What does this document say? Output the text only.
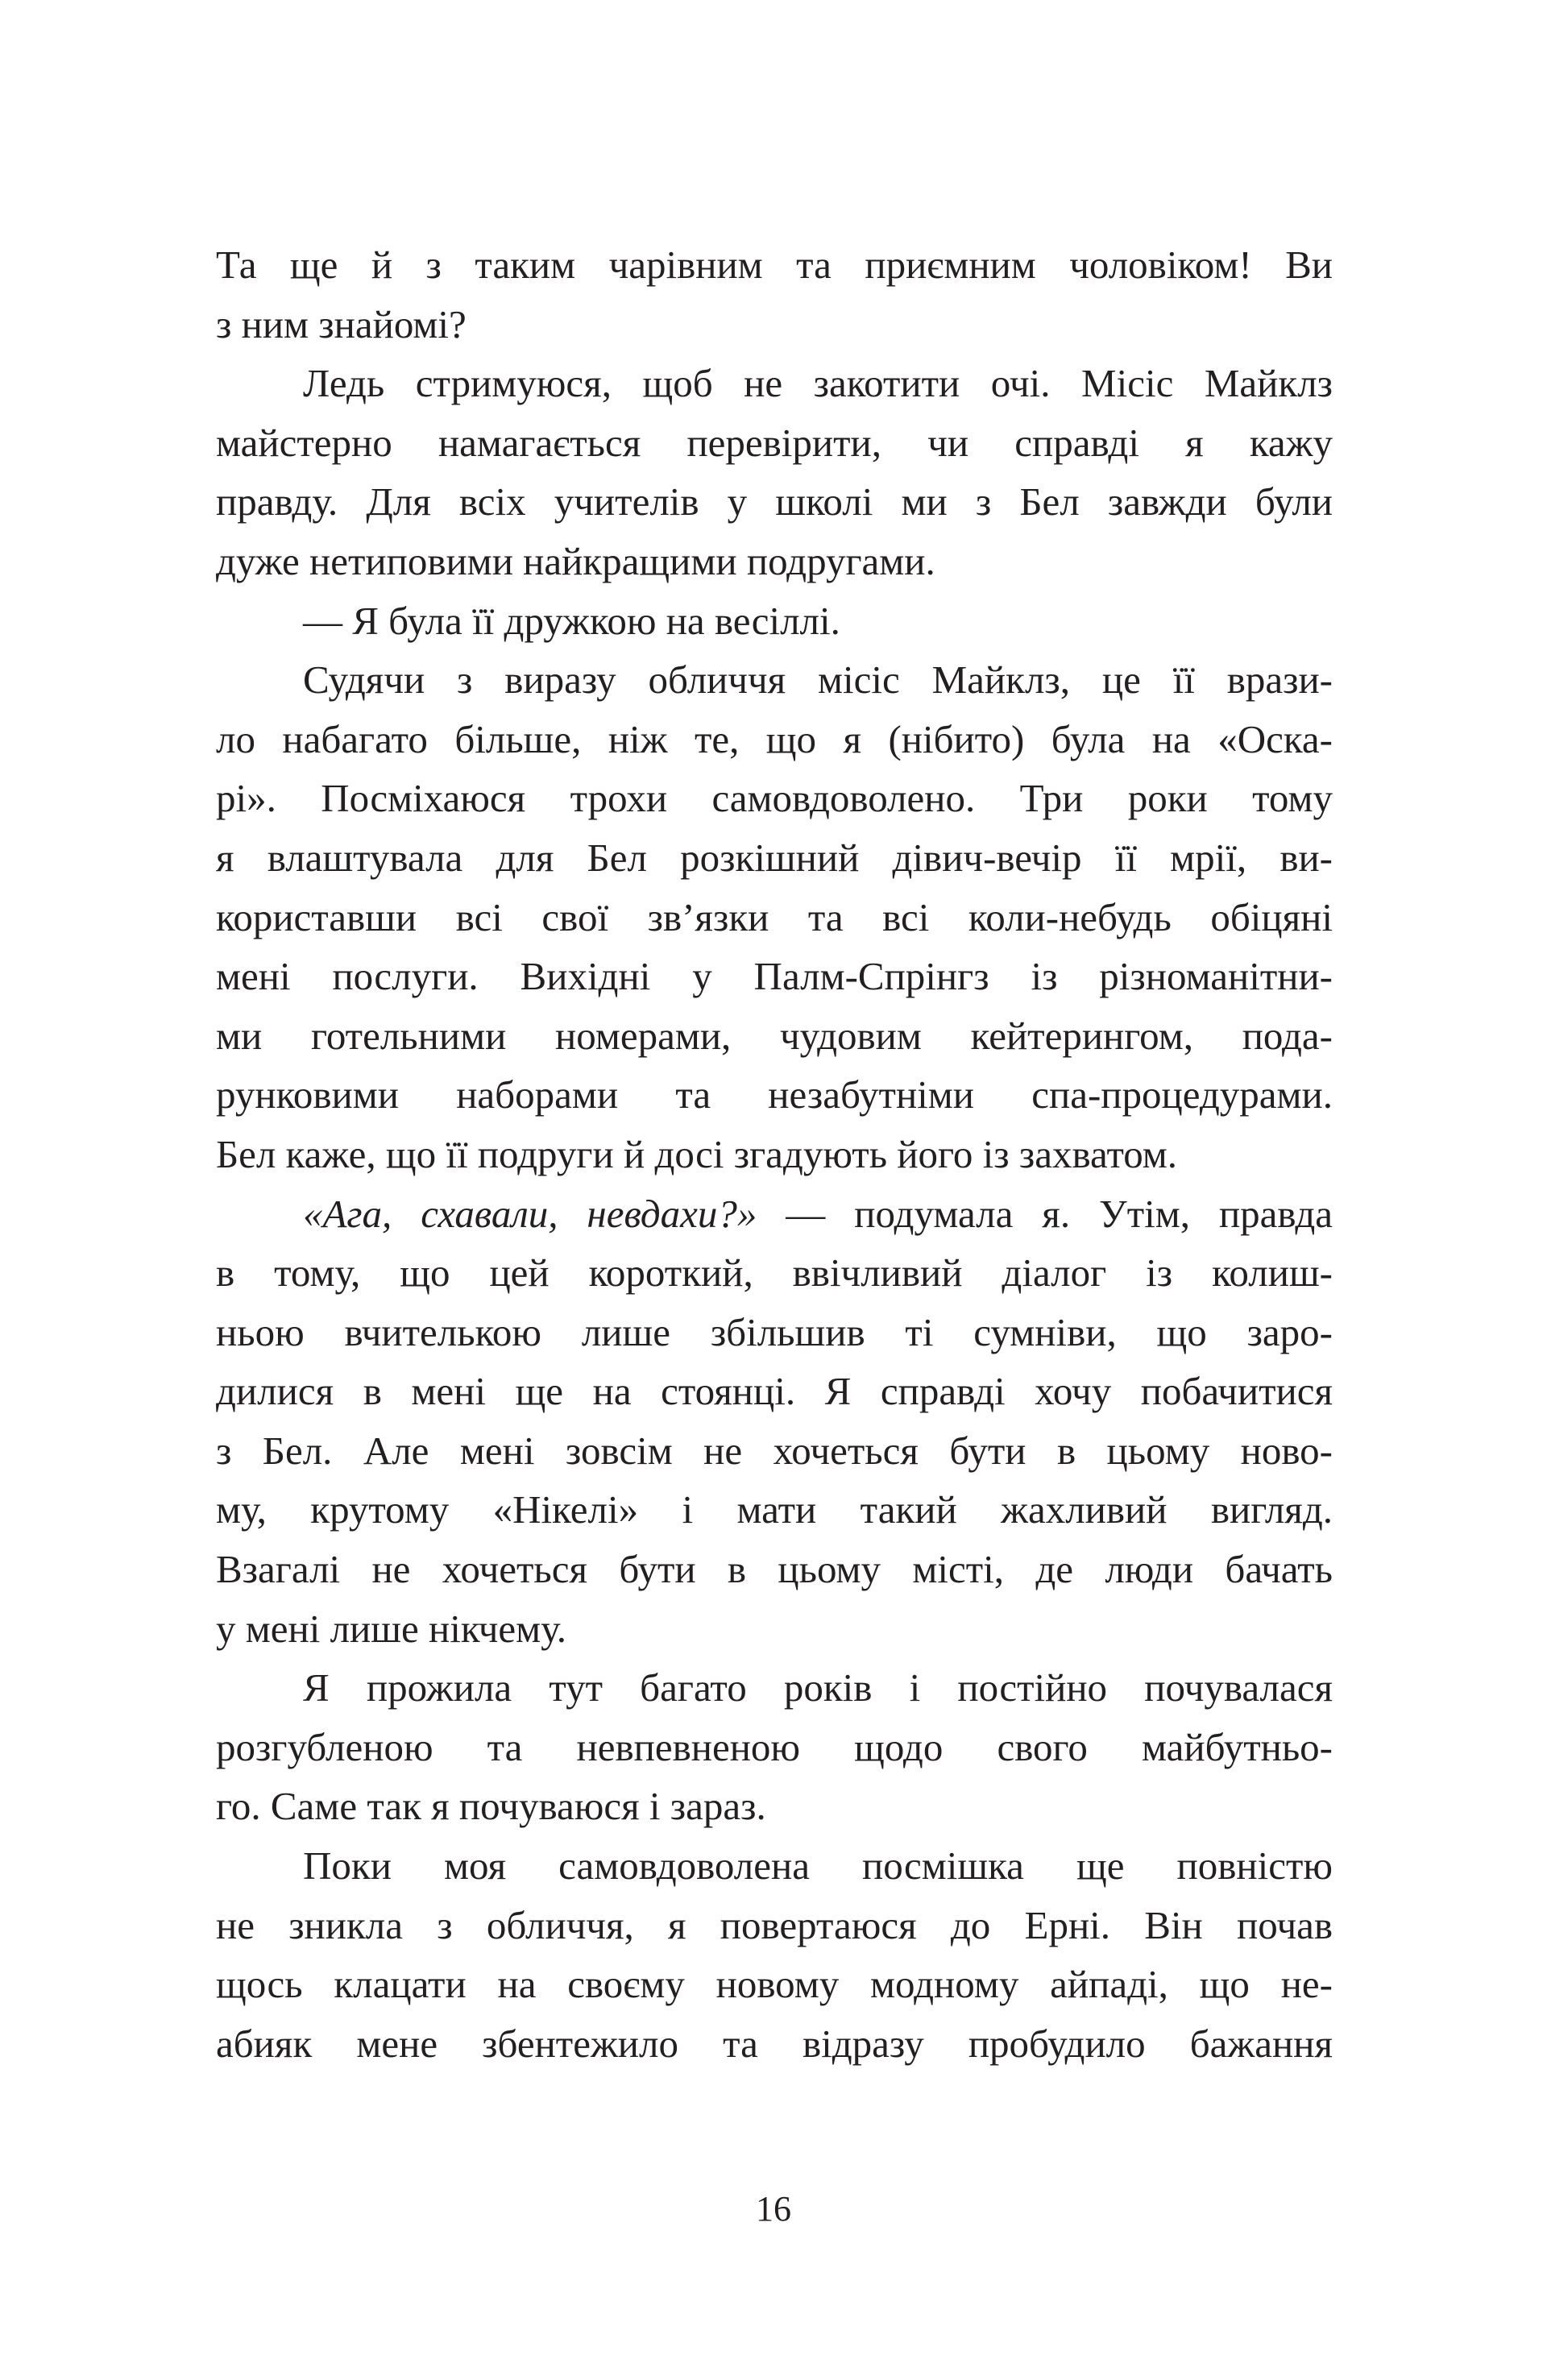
Та ще й з таким чарівним та приємним чоловіком! Ви
з ним знайомі?
Ледь стримуюся, щоб не закотити очі. Місіс Майклз
майстерно намагається перевірити, чи справді я кажу
правду. Для всіх учителів у школі ми з Бел завжди були
дуже нетиповими найкращими подругами.
— Я була її дружкою на весіллі.
Судячи з виразу обличчя місіс Майклз, це її врази-
ло набагато більше, ніж те, що я (нібито) була на «Оска-
рі». Посміхаюся трохи самовдоволено. Три роки тому
я влаштувала для Бел розкішний дівич-вечір її мрії, ви-
користавши всі свої зв’язки та всі коли-небудь обіцяні
мені послуги. Вихідні у Палм-Спрінгз із різноманітни-
ми готельними номерами, чудовим кейтерингом, пода-
рунковими наборами та незабутніми спа-процедурами.
Бел каже, що її подруги й досі згадують його із захватом.
«Ага, схавали, невдахи?» — подумала я. Утім, правда
в тому, що цей короткий, ввічливий діалог із колиш-
ньою вчителькою лише збільшив ті сумніви, що заро-
дилися в мені ще на стоянці. Я справді хочу побачитися
з Бел. Але мені зовсім не хочеться бути в цьому ново-
му, крутому «Нікелі» і мати такий жахливий вигляд.
Взагалі не хочеться бути в цьому місті, де люди бачать
у мені лише нікчему.
Я прожила тут багато років і постійно почувалася
розгубленою та невпевненою щодо свого майбутньо-
го. Саме так я почуваюся і зараз.
Поки моя самовдоволена посмішка ще повністю
не зникла з обличчя, я повертаюся до Ерні. Він почав
щось клацати на своєму новому модному айпаді, що не-
абияк мене збентежило та відразу пробудило бажання
16
